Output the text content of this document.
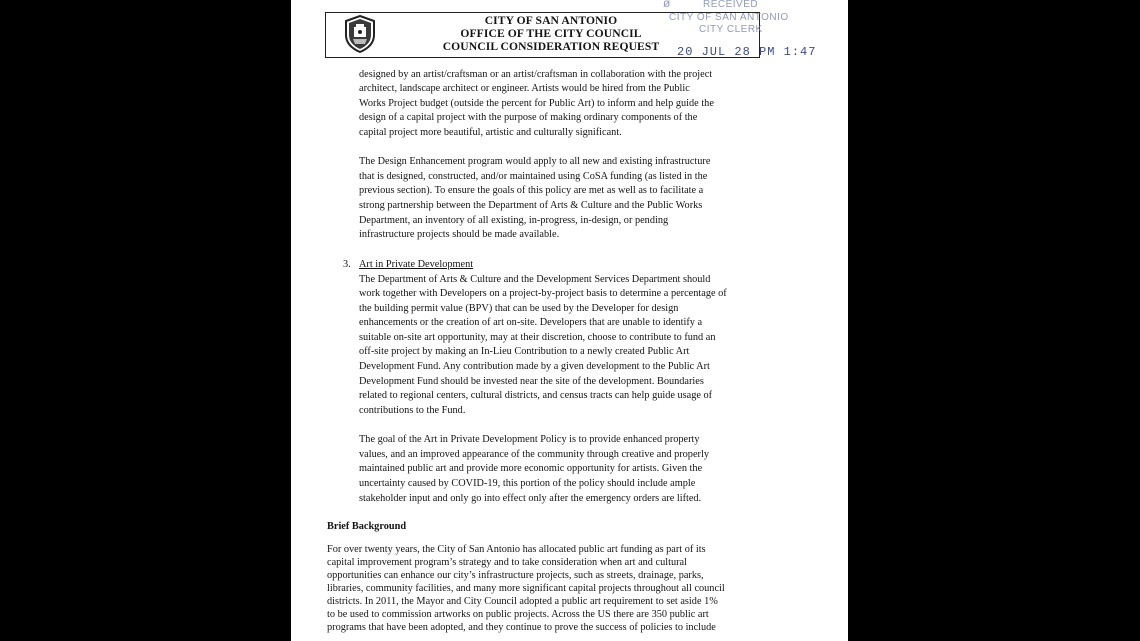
CITY OF SAN ANTONIO
OFFICE OF THE CITY COUNCIL
COUNCIL CONSIDERATION REQUEST
ø	RECEIVED
CITY OF SAN ANTONIO
CITY CLERK
20 JUL 28 PM 1:47
designed by an artist/craftsman or an artist/craftsman in collaboration with the project
architect, landscape architect or engineer. Artists would be hired from the Public
Works Project budget (outside the percent for Public Art) to inform and help guide the
design of a capital project with the purpose of making ordinary components of the
capital project more beautiful, artistic and culturally significant.
The Design Enhancement program would apply to all new and existing infrastructure
that is designed, constructed, and/or maintained using CoSA funding (as listed in the
previous section). To ensure the goals of this policy are met as well as to facilitate a
strong partnership between the Department of Arts & Culture and the Public Works
Department, an inventory of all existing, in-progress, in-design, or pending
infrastructure projects should be made available.
3. Art in Private Development
The Department of Arts & Culture and the Development Services Department should
work together with Developers on a project-by-project basis to determine a percentage of
the building permit value (BPV) that can be used by the Developer for design
enhancements or the creation of art on-site. Developers that are unable to identify a
suitable on-site art opportunity, may at their discretion, choose to contribute to fund an
off-site project by making an In-Lieu Contribution to a newly created Public Art
Development Fund. Any contribution made by a given development to the Public Art
Development Fund should be invested near the site of the development. Boundaries
related to regional centers, cultural districts, and census tracts can help guide usage of
contributions to the Fund.
The goal of the Art in Private Development Policy is to provide enhanced property
values, and an improved appearance of the community through creative and properly
maintained public art and provide more economic opportunity for artists. Given the
uncertainty caused by COVID-19, this portion of the policy should include ample
stakeholder input and only go into effect only after the emergency orders are lifted.
Brief Background
For over twenty years, the City of San Antonio has allocated public art funding as part of its
capital improvement program’s strategy and to take consideration when art and cultural
opportunities can enhance our city’s infrastructure projects, such as streets, drainage, parks,
libraries, community facilities, and many more significant capital projects throughout all council
districts. In 2011, the Mayor and City Council adopted a public art requirement to set aside 1%
to be used to commission artworks on public projects. Across the US there are 350 public art
programs that have been adopted, and they continue to prove the success of policies to include
